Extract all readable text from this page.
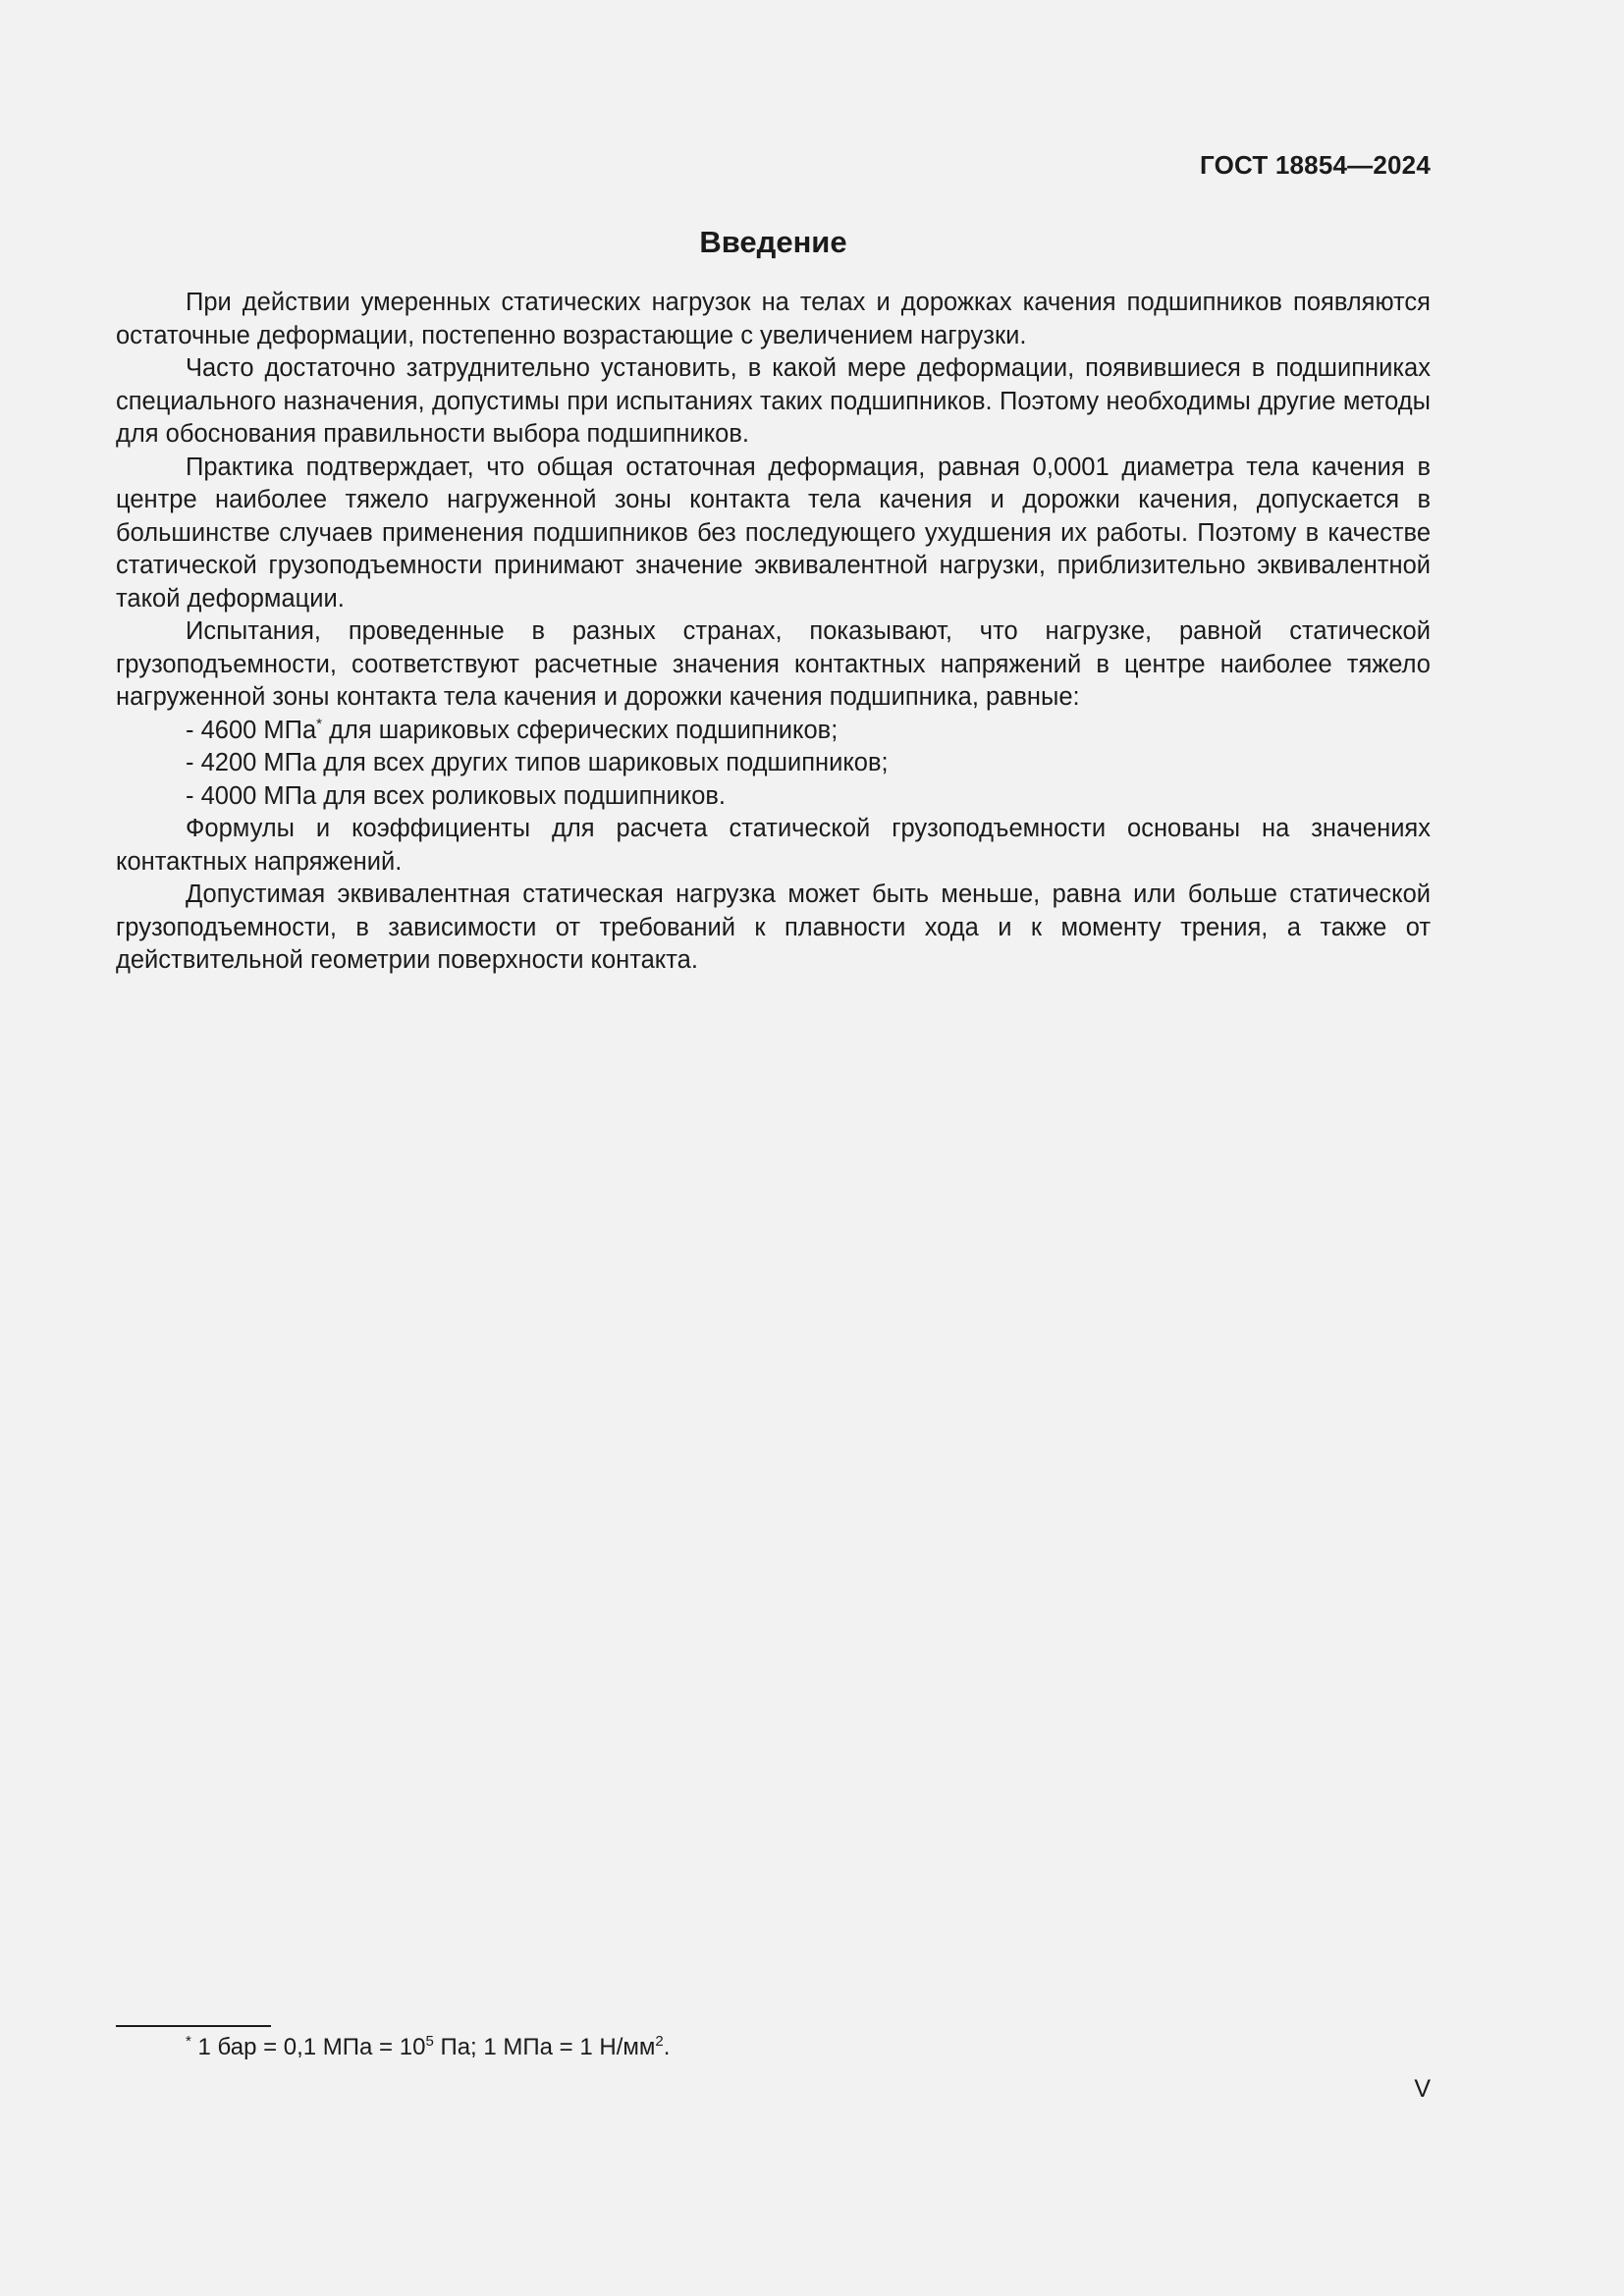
ГОСТ 18854—2024
Введение

При действии умеренных статических нагрузок на телах и дорожках качения подшипников появляются остаточные деформации, постепенно возрастающие с увеличением нагрузки.

Часто достаточно затруднительно установить, в какой мере деформации, появившиеся в подшипниках специального назначения, допустимы при испытаниях таких подшипников. Поэтому необходимы другие методы для обоснования правильности выбора подшипников.

Практика подтверждает, что общая остаточная деформация, равная 0,0001 диаметра тела качения в центре наиболее тяжело нагруженной зоны контакта тела качения и дорожки качения, допускается в большинстве случаев применения подшипников без последующего ухудшения их работы. Поэтому в качестве статической грузоподъемности принимают значение эквивалентной нагрузки, приблизительно эквивалентной такой деформации.

Испытания, проведенные в разных странах, показывают, что нагрузке, равной статической грузоподъемности, соответствуют расчетные значения контактных напряжений в центре наиболее тяжело нагруженной зоны контакта тела качения и дорожки качения подшипника, равные:

- 4600 МПа* для шариковых сферических подшипников;

- 4200 МПа для всех других типов шариковых подшипников;

- 4000 МПа для всех роликовых подшипников.

Формулы и коэффициенты для расчета статической грузоподъемности основаны на значениях контактных напряжений.

Допустимая эквивалентная статическая нагрузка может быть меньше, равна или больше статической грузоподъемности, в зависимости от требований к плавности хода и к моменту трения, а также от действительной геометрии поверхности контакта.

* 1 бар = 0,1 МПа = $10^5$ Па; 1 МПа = 1 $Н/мм^2$.
V
